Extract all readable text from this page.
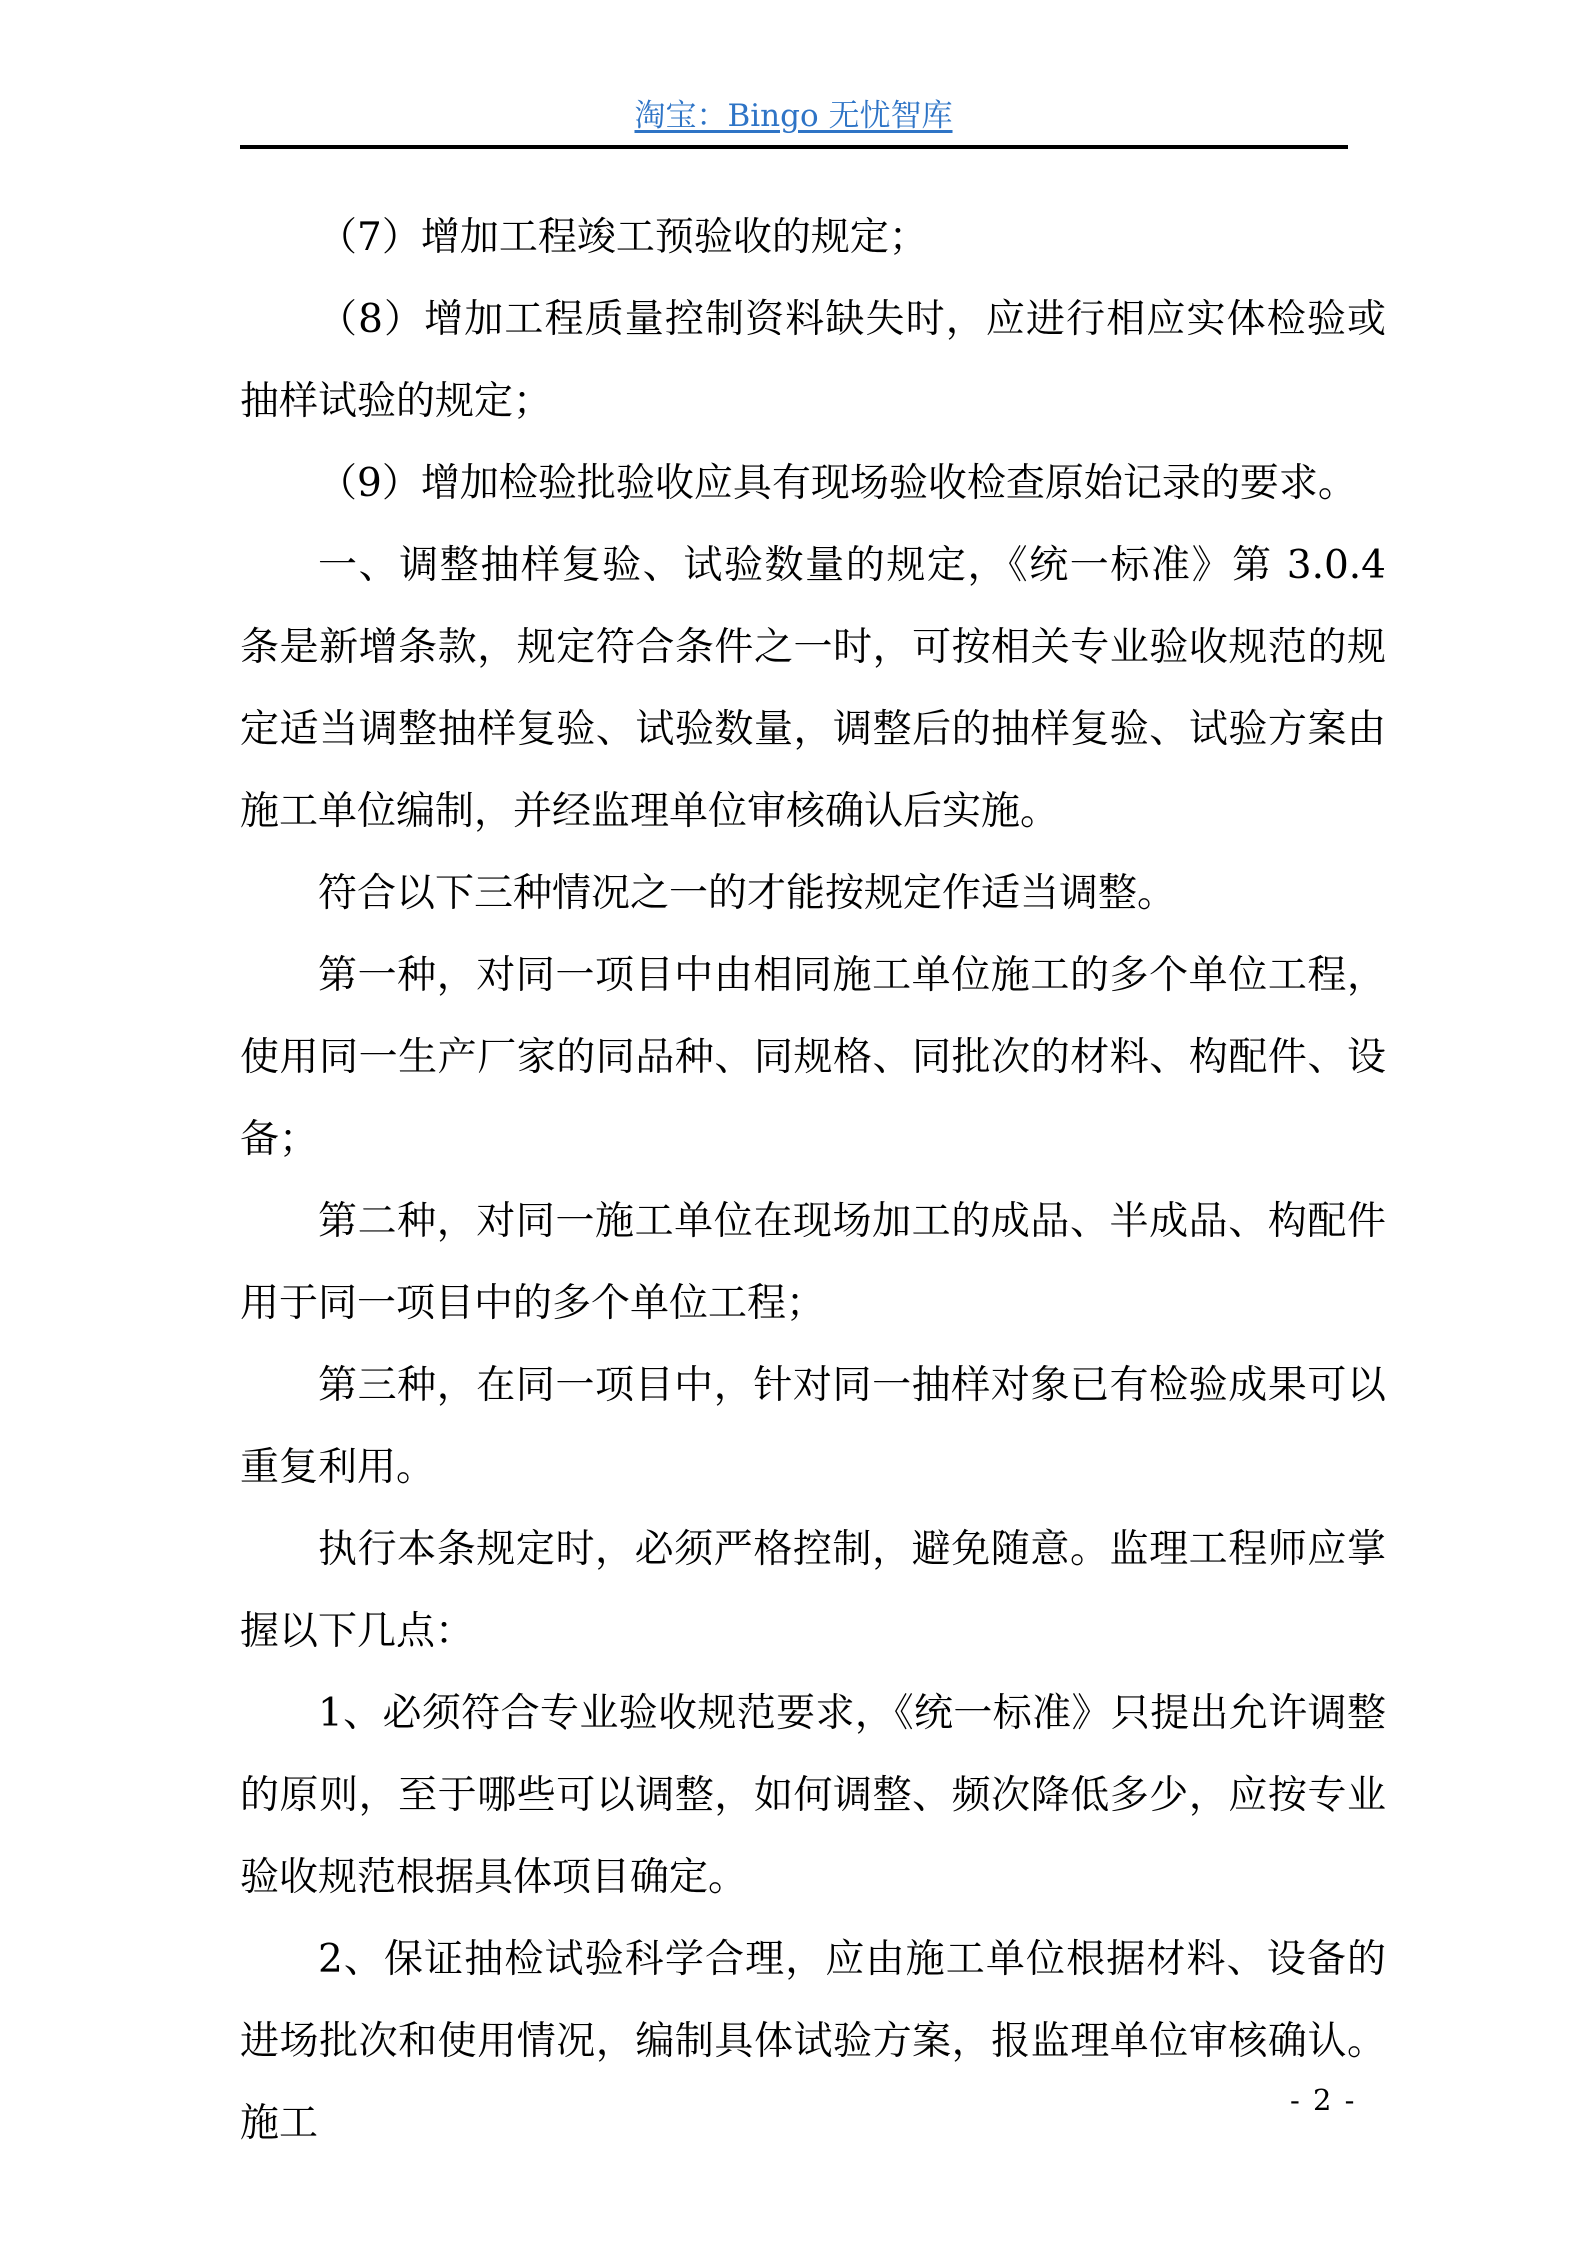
淘宝：Bingo 无忧智库

（7）增加工程竣工预验收的规定；

（8）增加工程质量控制资料缺失时，应进行相应实体检验或抽样试验的规定；

（9）增加检验批验收应具有现场验收检查原始记录的要求。

一、调整抽样复验、试验数量的规定，《统一标准》第 3.0.4 条是新增条款，规定符合条件之一时，可按相关专业验收规范的规定适当调整抽样复验、试验数量，调整后的抽样复验、试验方案由施工单位编制，并经监理单位审核确认后实施。

符合以下三种情况之一的才能按规定作适当调整。

第一种，对同一项目中由相同施工单位施工的多个单位工程，使用同一生产厂家的同品种、同规格、同批次的材料、构配件、设备；

第二种，对同一施工单位在现场加工的成品、半成品、构配件用于同一项目中的多个单位工程；

第三种，在同一项目中，针对同一抽样对象已有检验成果可以重复利用。

执行本条规定时，必须严格控制，避免随意。监理工程师应掌握以下几点：

1、必须符合专业验收规范要求，《统一标准》只提出允许调整的原则，至于哪些可以调整，如何调整、频次降低多少，应按专业验收规范根据具体项目确定。

2、保证抽检试验科学合理，应由施工单位根据材料、设备的进场批次和使用情况，编制具体试验方案，报监理单位审核确认。施工

- 2 -
